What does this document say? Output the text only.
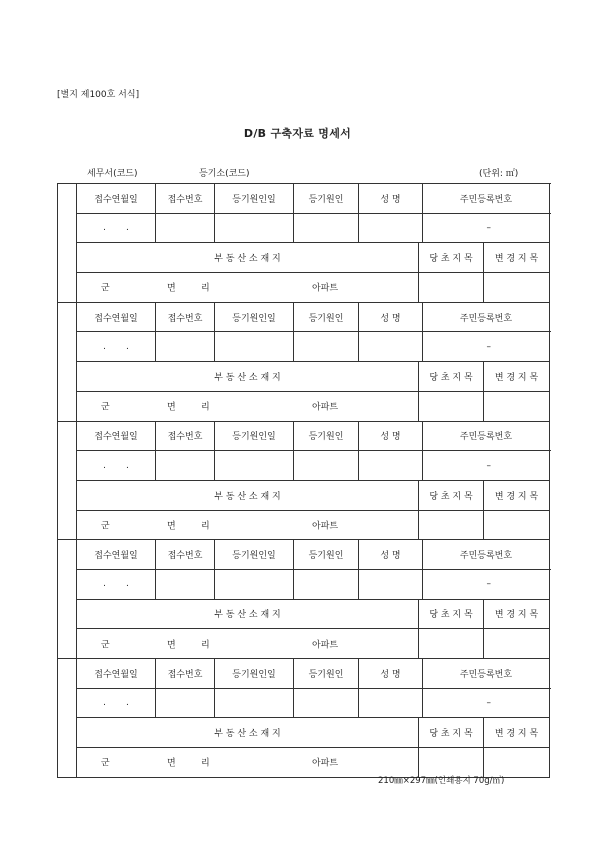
[별지 제100호 서식]
D/B 구축자료 명세서
세무서(코드)	등기소(코드)	(단위: ㎡)
	접수연월일	접수번호	등기원인일	등기원인	성 명		주민등록번호		
	. .						–		
	부 동 산 소 재 지					당 초 지 목		변 경 지 목	

	군 면 리 아파트								

	접수연월일	접수번호	등기원인일	등기원인	성 명		주민등록번호		
	. .						–		
	부 동 산 소 재 지					당 초 지 목		변 경 지 목	

	군 면 리 아파트								

	접수연월일	접수번호	등기원인일	등기원인	성 명		주민등록번호		
	. .						–		
	부 동 산 소 재 지					당 초 지 목		변 경 지 목	

	군 면 리 아파트								

	접수연월일	접수번호	등기원인일	등기원인	성 명		주민등록번호		
	. .						–		
	부 동 산 소 재 지					당 초 지 목		변 경 지 목	

	군 면 리 아파트								

	접수연월일	접수번호	등기원인일	등기원인	성 명		주민등록번호		
	. .						–		
	부 동 산 소 재 지					당 초 지 목		변 경 지 목	

	군 면 리 아파트								

210㎜×297㎜(인쇄용지 70g/㎡)
